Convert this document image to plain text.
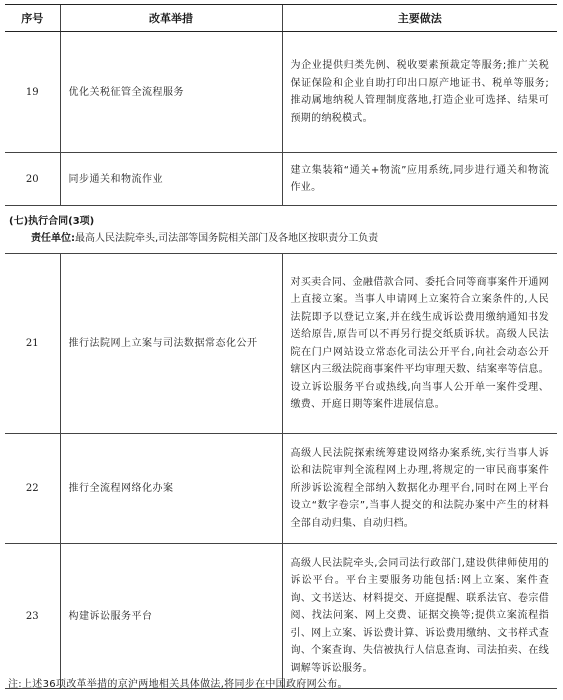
序号	改革举措	主要做法
19	优化关税征管全流程服务	为企业提供归类先例、税收要素预裁定等服务;推广关税保证保险和企业自助打印出口原产地证书、税单等服务;推动属地纳税人管理制度落地,打造企业可选择、结果可预期的纳税模式。
20	同步通关和物流作业	建立集装箱“通关+物流”应用系统,同步进行通关和物流作业。

(七)执行合同(3项)
责任单位:最高人民法院牵头,司法部等国务院相关部门及各地区按职责分工负责		

21	推行法院网上立案与司法数据常态化公开	对买卖合同、金融借款合同、委托合同等商事案件开通网上直接立案。当事人申请网上立案符合立案条件的,人民法院即予以登记立案,并在线生成诉讼费用缴纳通知书发送给原告,原告可以不再另行提交纸质诉状。高级人民法院在门户网站设立常态化司法公开平台,向社会动态公开辖区内三级法院商事案件平均审理天数、结案率等信息。设立诉讼服务平台或热线,向当事人公开单一案件受理、缴费、开庭日期等案件进展信息。
22	推行全流程网络化办案	高级人民法院探索统筹建设网络办案系统,实行当事人诉讼和法院审判全流程网上办理,将规定的一审民商事案件所涉诉讼流程全部纳入数据化办理平台,同时在网上平台设立“数字卷宗”,当事人提交的和法院办案中产生的材料全部自动归集、自动归档。
23	构建诉讼服务平台	高级人民法院牵头,会同司法行政部门,建设供律师使用的诉讼平台。平台主要服务功能包括:网上立案、案件查询、文书送达、材料提交、开庭提醒、联系法官、卷宗借阅、找法问案、网上交费、证据交换等;提供立案流程指引、网上立案、诉讼费计算、诉讼费用缴纳、文书样式查询、个案查询、失信被执行人信息查询、司法拍卖、在线调解等诉讼服务。
注:上述36项改革举措的京沪两地相关具体做法,将同步在中国政府网公布。
